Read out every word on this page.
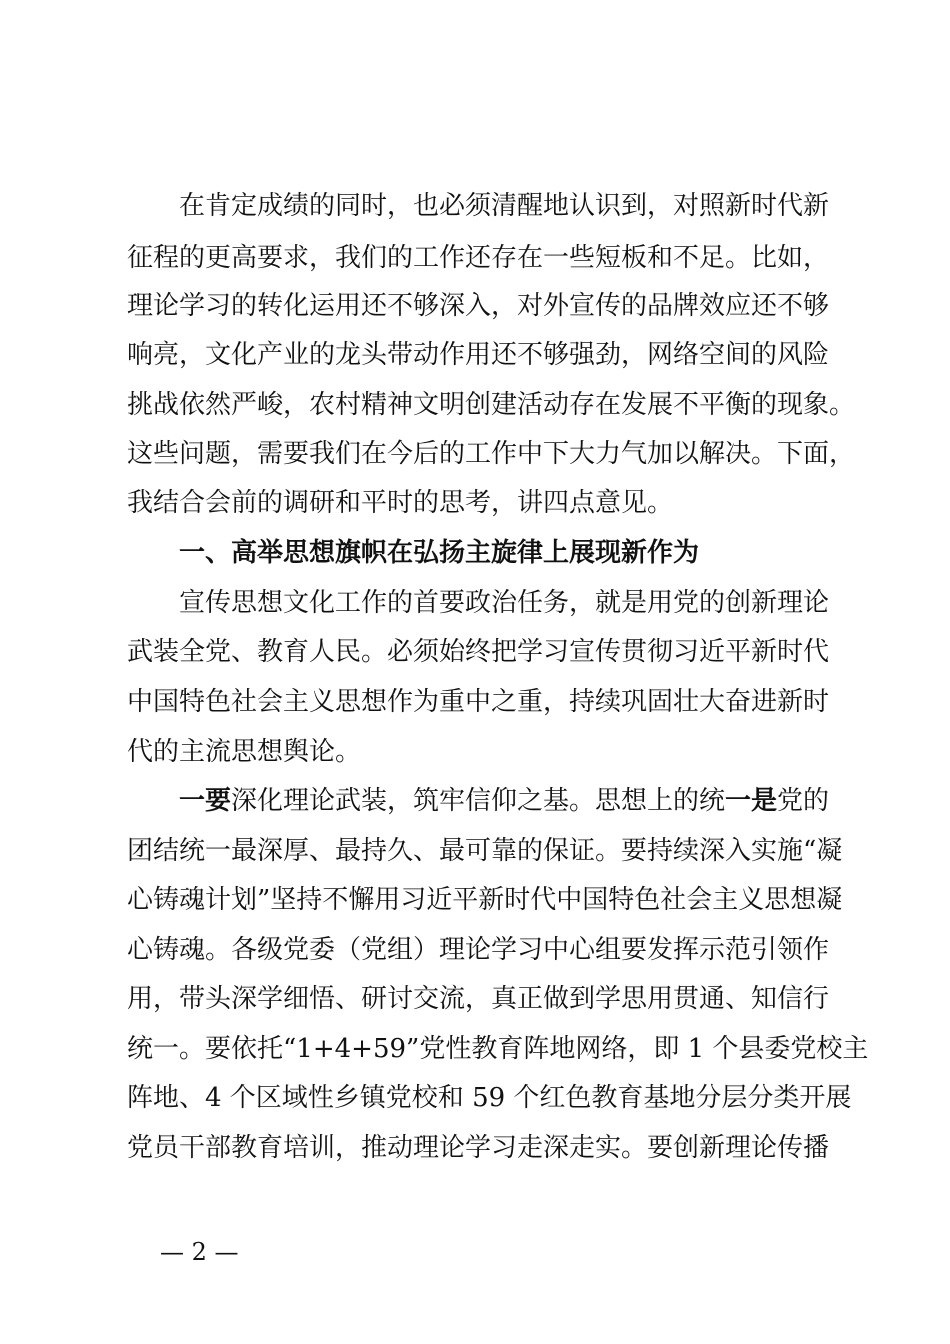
在肯定成绩的同时，也必须清醒地认识到，对照新时代新
征程的更高要求，我们的工作还存在一些短板和不足。比如，
理论学习的转化运用还不够深入，对外宣传的品牌效应还不够
响亮，文化产业的龙头带动作用还不够强劲，网络空间的风险
挑战依然严峻，农村精神文明创建活动存在发展不平衡的现象。
这些问题，需要我们在今后的工作中下大力气加以解决。下面，
我结合会前的调研和平时的思考，讲四点意见。
一、高举思想旗帜在弘扬主旋律上展现新作为
宣传思想文化工作的首要政治任务，就是用党的创新理论
武装全党、教育人民。必须始终把学习宣传贯彻习近平新时代
中国特色社会主义思想作为重中之重，持续巩固壮大奋进新时
代的主流思想舆论。
一要深化理论武装，筑牢信仰之基。思想上的统一是党的
团结统一最深厚、最持久、最可靠的保证。要持续深入实施“凝
心铸魂计划”坚持不懈用习近平新时代中国特色社会主义思想凝
心铸魂。各级党委（党组）理论学习中心组要发挥示范引领作
用，带头深学细悟、研讨交流，真正做到学思用贯通、知信行
统一。要依托“1+4+59”党性教育阵地网络，即 1 个县委党校主
阵地、4 个区域性乡镇党校和 59 个红色教育基地分层分类开展
党员干部教育培训，推动理论学习走深走实。要创新理论传播
— 2 —
